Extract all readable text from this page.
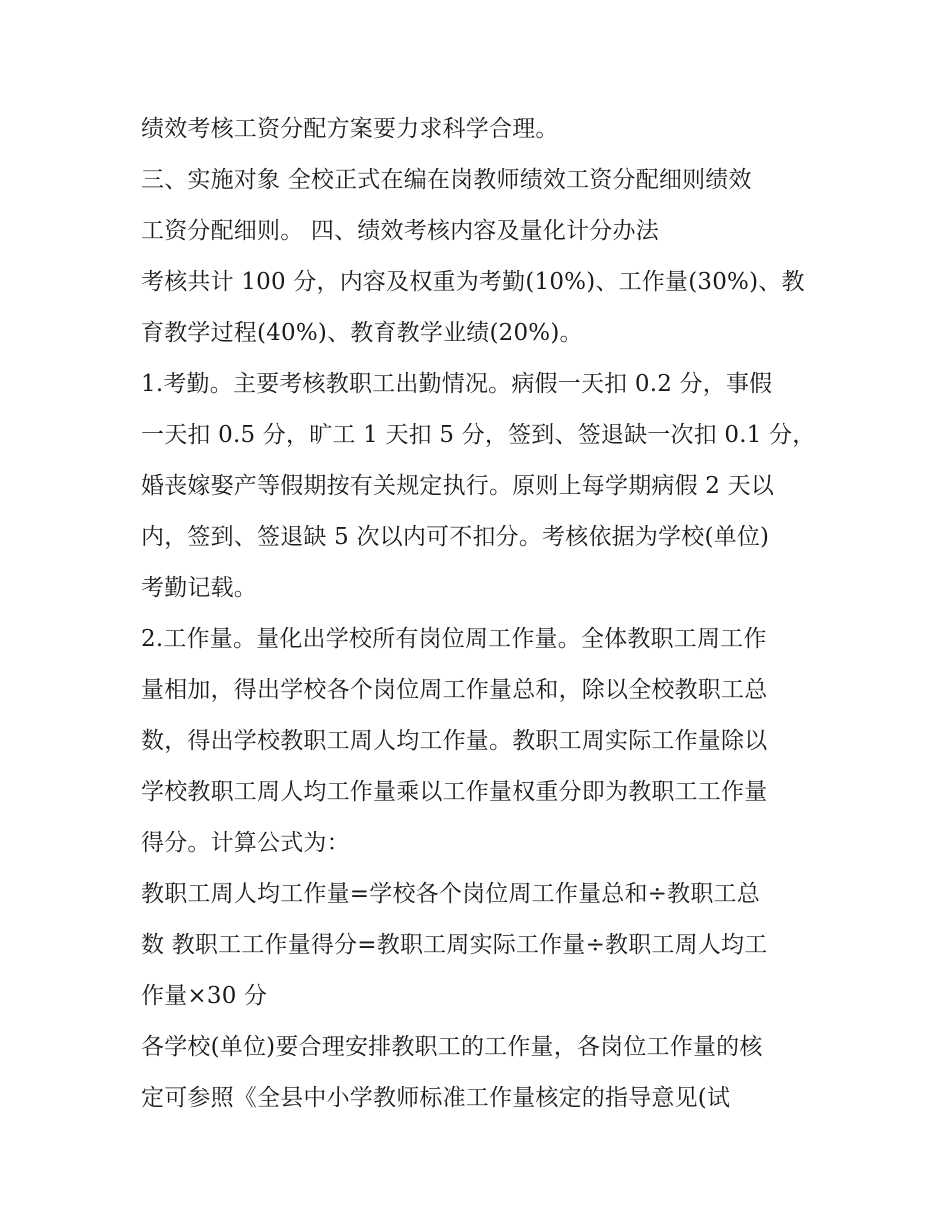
绩效考核工资分配方案要力求科学合理。
三、实施对象 全校正式在编在岗教师绩效工资分配细则绩效
工资分配细则。 四、绩效考核内容及量化计分办法
考核共计 100 分，内容及权重为考勤(10%)、工作量(30%)、教
育教学过程(40%)、教育教学业绩(20%)。
1.考勤。主要考核教职工出勤情况。病假一天扣 0.2 分，事假
一天扣 0.5 分，旷工 1 天扣 5 分，签到、签退缺一次扣 0.1 分，
婚丧嫁娶产等假期按有关规定执行。原则上每学期病假 2 天以
内，签到、签退缺 5 次以内可不扣分。考核依据为学校(单位)
考勤记载。
2.工作量。量化出学校所有岗位周工作量。全体教职工周工作
量相加，得出学校各个岗位周工作量总和，除以全校教职工总
数，得出学校教职工周人均工作量。教职工周实际工作量除以
学校教职工周人均工作量乘以工作量权重分即为教职工工作量
得分。计算公式为：
教职工周人均工作量=学校各个岗位周工作量总和÷教职工总
数 教职工工作量得分=教职工周实际工作量÷教职工周人均工
作量×30 分
各学校(单位)要合理安排教职工的工作量，各岗位工作量的核
定可参照《全县中小学教师标准工作量核定的指导意见(试
